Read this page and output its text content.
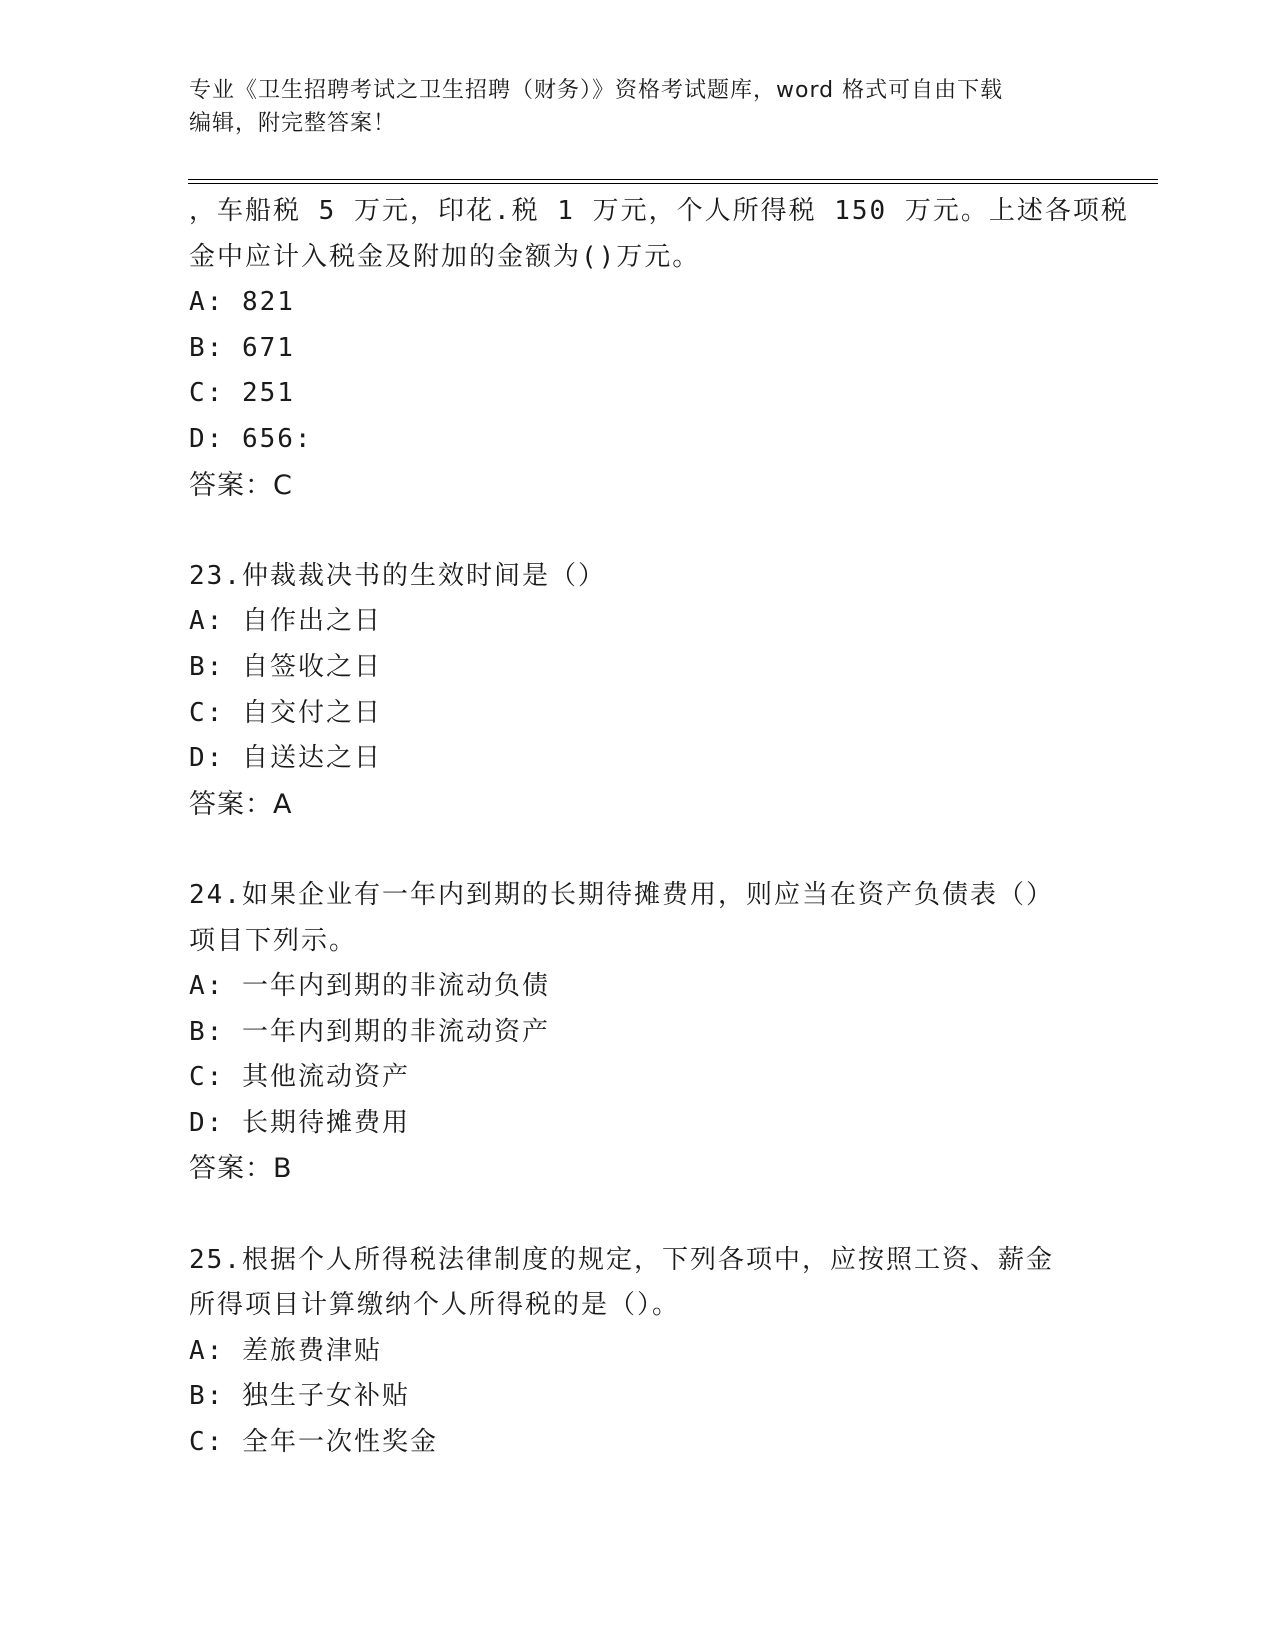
专业《卫生招聘考试之卫生招聘（财务）》资格考试题库，word 格式可自由下载
编辑，附完整答案！
，车船税 5 万元，印花.税 1 万元，个人所得税 150 万元。上述各项税
金中应计入税金及附加的金额为()万元。
A: 821
B: 671
C: 251
D: 656:
答案：C
23.仲裁裁决书的生效时间是（）
A: 自作出之日
B: 自签收之日
C: 自交付之日
D: 自送达之日
答案：A
24.如果企业有一年内到期的长期待摊费用，则应当在资产负债表（）
项目下列示。
A: 一年内到期的非流动负债
B: 一年内到期的非流动资产
C: 其他流动资产
D: 长期待摊费用
答案：B
25.根据个人所得税法律制度的规定，下列各项中，应按照工资、薪金
所得项目计算缴纳个人所得税的是（）。
A: 差旅费津贴
B: 独生子女补贴
C: 全年一次性奖金
